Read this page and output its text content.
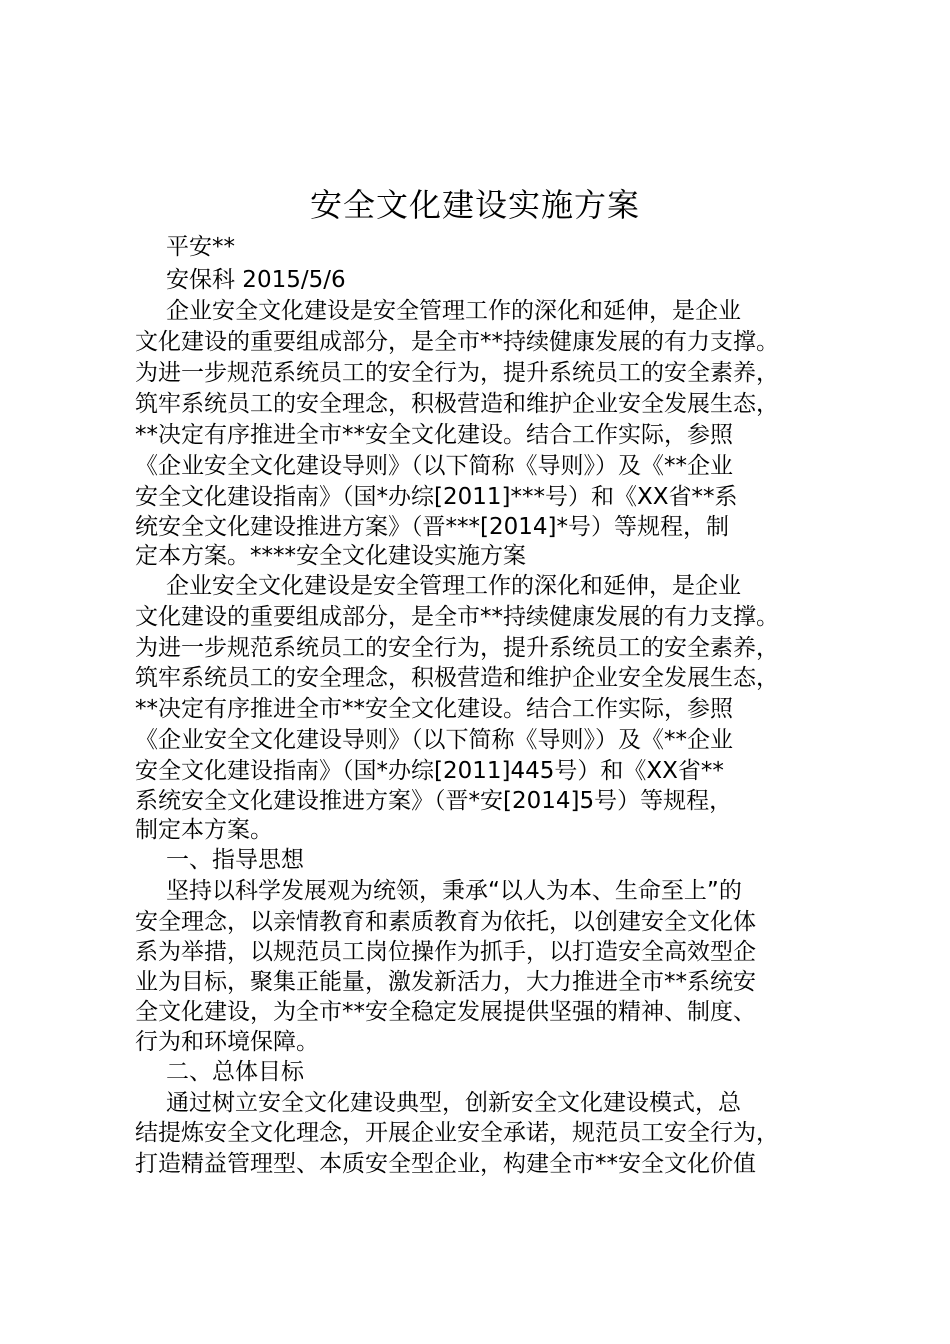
安全文化建设实施方案
平安**
安保科 2015/5/6
企业安全文化建设是安全管理工作的深化和延伸，是企业
文化建设的重要组成部分，是全市**持续健康发展的有力支撑。
为进一步规范系统员工的安全行为，提升系统员工的安全素养，
筑牢系统员工的安全理念，积极营造和维护企业安全发展生态，
**决定有序推进全市**安全文化建设。结合工作实际，参照
《企业安全文化建设导则》（以下简称《导则》）及《**企业
安全文化建设指南》（国*办综[2011]***号）和《XX省**系
统安全文化建设推进方案》（晋***[2014]*号）等规程，制
定本方案。****安全文化建设实施方案
企业安全文化建设是安全管理工作的深化和延伸，是企业
文化建设的重要组成部分，是全市**持续健康发展的有力支撑。
为进一步规范系统员工的安全行为，提升系统员工的安全素养，
筑牢系统员工的安全理念，积极营造和维护企业安全发展生态，
**决定有序推进全市**安全文化建设。结合工作实际，参照
《企业安全文化建设导则》（以下简称《导则》）及《**企业
安全文化建设指南》（国*办综[2011]445号）和《XX省**
系统安全文化建设推进方案》（晋*安[2014]5号）等规程，
制定本方案。
一、指导思想
坚持以科学发展观为统领，秉承“以人为本、生命至上”的
安全理念，以亲情教育和素质教育为依托，以创建安全文化体
系为举措，以规范员工岗位操作为抓手，以打造安全高效型企
业为目标，聚集正能量，激发新活力，大力推进全市**系统安
全文化建设，为全市**安全稳定发展提供坚强的精神、制度、
行为和环境保障。
二、总体目标
通过树立安全文化建设典型，创新安全文化建设模式，总
结提炼安全文化理念，开展企业安全承诺，规范员工安全行为，
打造精益管理型、本质安全型企业，构建全市**安全文化价值
